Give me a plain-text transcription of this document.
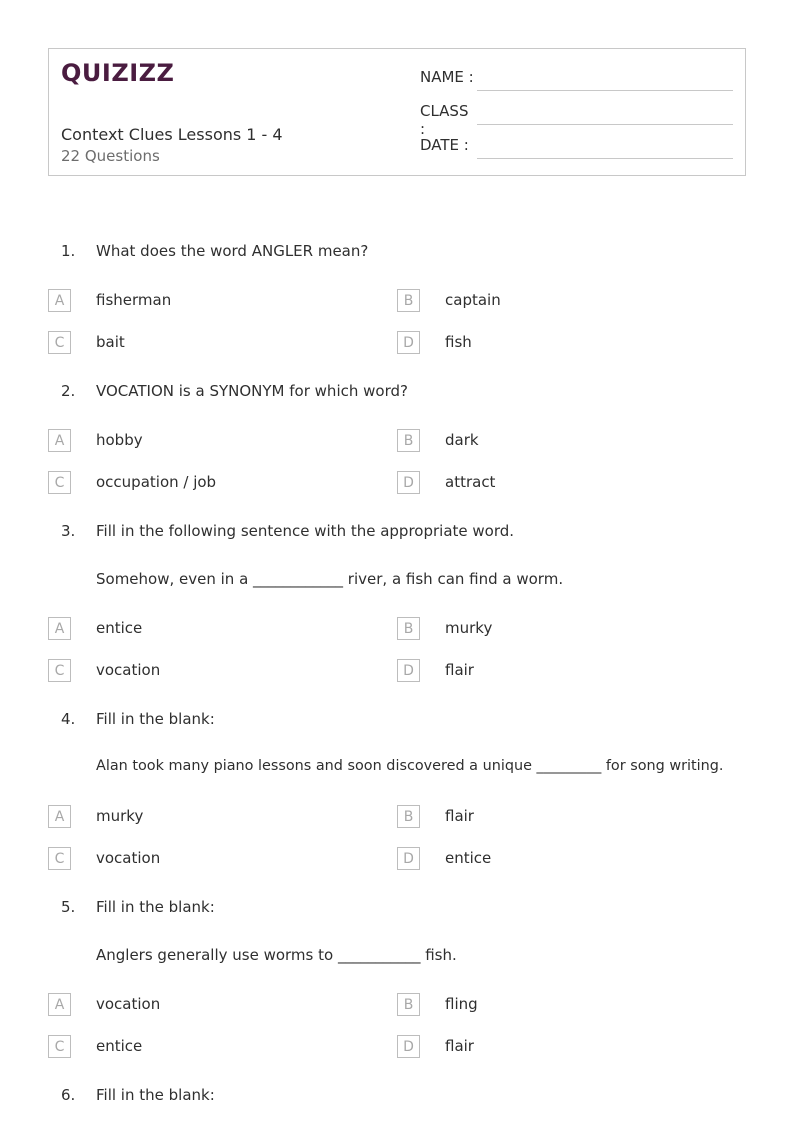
QUIZIZZ
Context Clues Lessons 1 - 4
22 Questions
NAME :
CLASS :
DATE :
1. What does the word ANGLER mean?
A	fisherman	B	captain
C	bait	D	fish
2. VOCATION is a SYNONYM for which word?
A	hobby	B	dark
C	occupation / job	D	attract
3. Fill in the following sentence with the appropriate word.
Somehow, even in a ____________ river, a fish can find a worm.
A	entice	B	murky
C	vocation	D	flair
4. Fill in the blank:
Alan took many piano lessons and soon discovered a unique _________ for song writing.
A	murky	B	flair
C	vocation	D	entice
5. Fill in the blank:
Anglers generally use worms to ___________ fish.
A	vocation	B	fling
C	entice	D	flair
6. Fill in the blank:
